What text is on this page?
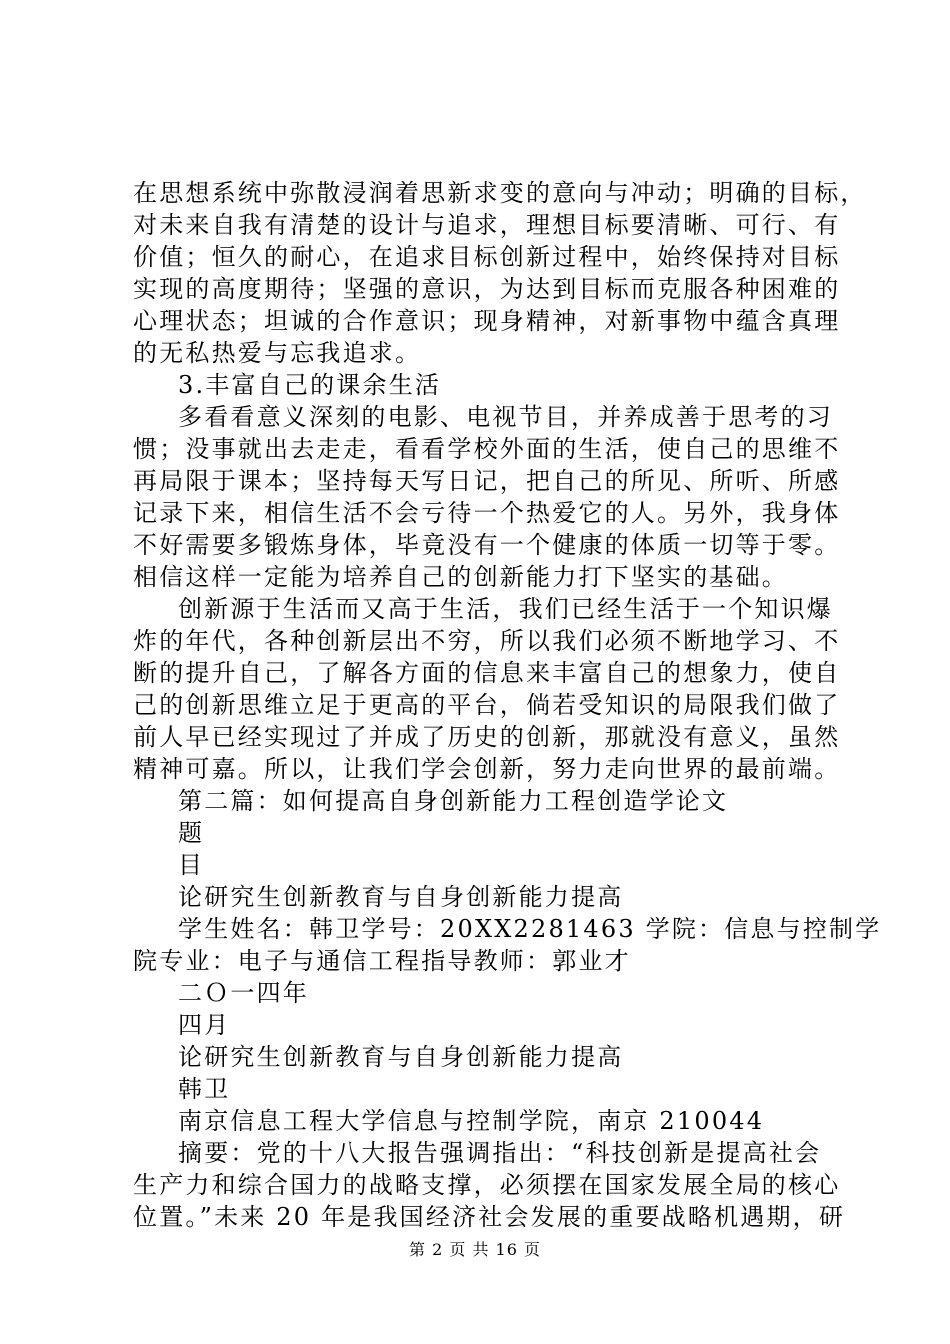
在思想系统中弥散浸润着思新求变的意向与冲动；明确的目标，
对未来自我有清楚的设计与追求，理想目标要清晰、可行、有
价值；恒久的耐心，在追求目标创新过程中，始终保持对目标
实现的高度期待；坚强的意识，为达到目标而克服各种困难的
心理状态；坦诚的合作意识；现身精神，对新事物中蕴含真理
的无私热爱与忘我追求。
3.丰富自己的课余生活
多看看意义深刻的电影、电视节目，并养成善于思考的习
惯；没事就出去走走，看看学校外面的生活，使自己的思维不
再局限于课本；坚持每天写日记，把自己的所见、所听、所感
记录下来，相信生活不会亏待一个热爱它的人。另外，我身体
不好需要多锻炼身体，毕竟没有一个健康的体质一切等于零。
相信这样一定能为培养自己的创新能力打下坚实的基础。
创新源于生活而又高于生活，我们已经生活于一个知识爆
炸的年代，各种创新层出不穷，所以我们必须不断地学习、不
断的提升自己，了解各方面的信息来丰富自己的想象力，使自
己的创新思维立足于更高的平台，倘若受知识的局限我们做了
前人早已经实现过了并成了历史的创新，那就没有意义，虽然
精神可嘉。所以，让我们学会创新，努力走向世界的最前端。
第二篇：如何提高自身创新能力工程创造学论文
题
目
论研究生创新教育与自身创新能力提高
学生姓名：韩卫学号：20XX2281463 学院：信息与控制学
院专业：电子与通信工程指导教师：郭业才
二Ｏ一四年
四月
论研究生创新教育与自身创新能力提高
韩卫
南京信息工程大学信息与控制学院，南京 210044
摘要：党的十八大报告强调指出：“科技创新是提高社会
生产力和综合国力的战略支撑，必须摆在国家发展全局的核心
位置。”未来 20 年是我国经济社会发展的重要战略机遇期，研
第 2 页 共 16 页
